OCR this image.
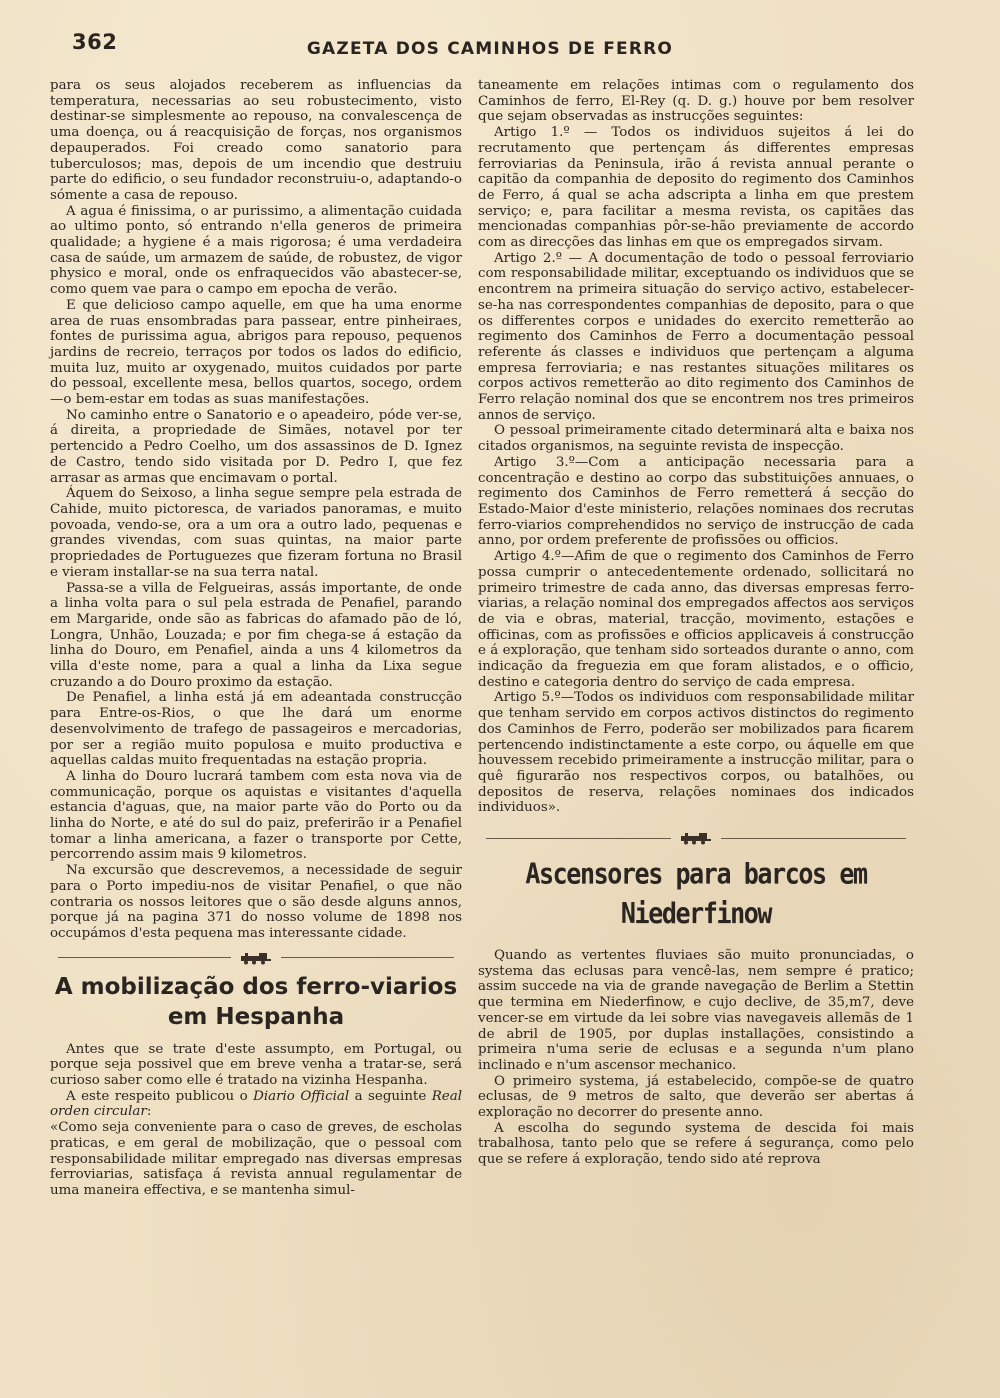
362	GAZETA DOS CAMINHOS DE FERRO

para os seus alojados receberem as influencias da temperatura, necessarias ao seu robustecimento, visto destinar-se simplesmente ao repouso, na convalescença de uma doença, ou á reacquisição de forças, nos organismos depauperados. Foi creado como sanatorio para tuberculosos; mas, depois de um incendio que destruiu parte do edificio, o seu fundador reconstruiu-o, adaptando-o sómente a casa de repouso.

A agua é finissima, o ar purissimo, a alimentação cuidada ao ultimo ponto, só entrando n'ella generos de primeira qualidade; a hygiene é a mais rigorosa; é uma verdadeira casa de saúde, um armazem de saúde, de robustez, de vigor physico e moral, onde os enfraquecidos vão abastecer-se, como quem vae para o campo em epocha de verão.

E que delicioso campo aquelle, em que ha uma enorme area de ruas ensombradas para passear, entre pinheiraes, fontes de purissima agua, abrigos para repouso, pequenos jardins de recreio, terraços por todos os lados do edificio, muita luz, muito ar oxygenado, muitos cuidados por parte do pessoal, excellente mesa, bellos quartos, socego, ordem—o bem-estar em todas as suas manifestações.

No caminho entre o Sanatorio e o apeadeiro, póde ver-se, á direita, a propriedade de Simães, notavel por ter pertencido a Pedro Coelho, um dos assassinos de D. Ignez de Castro, tendo sido visitada por D. Pedro I, que fez arrasar as armas que encimavam o portal.

Áquem do Seixoso, a linha segue sempre pela estrada de Cahide, muito pictoresca, de variados panoramas, e muito povoada, vendo-se, ora a um ora a outro lado, pequenas e grandes vivendas, com suas quintas, na maior parte propriedades de Portuguezes que fizeram fortuna no Brasil e vieram installar-se na sua terra natal.

Passa-se a villa de Felgueiras, assás importante, de onde a linha volta para o sul pela estrada de Penafiel, parando em Margaride, onde são as fabricas do afamado pão de ló, Longra, Unhão, Louzada; e por fim chega-se á estação da linha do Douro, em Penafiel, ainda a uns 4 kilometros da villa d'este nome, para a qual a linha da Lixa segue cruzando a do Douro proximo da estação.

De Penafiel, a linha está já em adeantada construcção para Entre-os-Rios, o que lhe dará um enorme desenvolvimento de trafego de passageiros e mercadorias, por ser a região muito populosa e muito productiva e aquellas caldas muito frequentadas na estação propria.

A linha do Douro lucrará tambem com esta nova via de communicação, porque os aquistas e visitantes d'aquella estancia d'aguas, que, na maior parte vão do Porto ou da linha do Norte, e até do sul do paiz, preferirão ir a Penafiel tomar a linha americana, a fazer o transporte por Cette, percorrendo assim mais 9 kilometros.

Na excursão que descrevemos, a necessidade de seguir para o Porto impediu-nos de visitar Penafiel, o que não contraria os nossos leitores que o são desde alguns annos, porque já na pagina 371 do nosso volume de 1898 nos occupámos d'esta pequena mas interessante cidade.

A mobilização dos ferro-viarios
em Hespanha

Antes que se trate d'este assumpto, em Portugal, ou porque seja possivel que em breve venha a tratar-se, será curioso saber como elle é tratado na vizinha Hespanha.

A este respeito publicou o Diario Official a seguinte Real orden circular:

«Como seja conveniente para o caso de greves, de escholas praticas, e em geral de mobilização, que o pessoal com responsabilidade militar empregado nas diversas empresas ferroviarias, satisfaça á revista annual regulamentar de uma maneira effectiva, e se mantenha simul-

taneamente em relações intimas com o regulamento dos Caminhos de ferro, El-Rey (q. D. g.) houve por bem resolver que sejam observadas as instrucções seguintes:

Artigo 1.º — Todos os individuos sujeitos á lei do recrutamento que pertençam ás differentes empresas ferroviarias da Peninsula, irão á revista annual perante o capitão da companhia de deposito do regimento dos Caminhos de Ferro, á qual se acha adscripta a linha em que prestem serviço; e, para facilitar a mesma revista, os capitães das mencionadas companhias pôr-se-hão previamente de accordo com as direcções das linhas em que os empregados sirvam.

Artigo 2.º — A documentação de todo o pessoal ferroviario com responsabilidade militar, exceptuando os individuos que se encontrem na primeira situação do serviço activo, estabelecer-se-ha nas correspondentes companhias de deposito, para o que os differentes corpos e unidades do exercito remetterão ao regimento dos Caminhos de Ferro a documentação pessoal referente ás classes e individuos que pertençam a alguma empresa ferroviaria; e nas restantes situações militares os corpos activos remetterão ao dito regimento dos Caminhos de Ferro relação nominal dos que se encontrem nos tres primeiros annos de serviço.

O pessoal primeiramente citado determinará alta e baixa nos citados organismos, na seguinte revista de inspecção.

Artigo 3.º—Com a anticipação necessaria para a concentração e destino ao corpo das substituições annuaes, o regimento dos Caminhos de Ferro remetterá á secção do Estado-Maior d'este ministerio, relações nominaes dos recrutas ferro-viarios comprehendidos no serviço de instrucção de cada anno, por ordem preferente de profissões ou officios.

Artigo 4.º—Afim de que o regimento dos Caminhos de Ferro possa cumprir o antecedentemente ordenado, sollicitará no primeiro trimestre de cada anno, das diversas empresas ferro-viarias, a relação nominal dos empregados affectos aos serviços de via e obras, material, tracção, movimento, estações e officinas, com as profissões e officios applicaveis á construcção e á exploração, que tenham sido sorteados durante o anno, com indicação da freguezia em que foram alistados, e o officio, destino e categoria dentro do serviço de cada empresa.

Artigo 5.º—Todos os individuos com responsabilidade militar que tenham servido em corpos activos distinctos do regimento dos Caminhos de Ferro, poderão ser mobilizados para ficarem pertencendo indistinctamente a este corpo, ou áquelle em que houvessem recebido primeiramente a instrucção militar, para o quê figurarão nos respectivos corpos, ou batalhões, ou depositos de reserva, relações nominaes dos indicados individuos».

Ascensores para barcos em Niederfinow

Quando as vertentes fluviaes são muito pronunciadas, o systema das eclusas para vencê-las, nem sempre é pratico; assim succede na via de grande navegação de Berlim a Stettin que termina em Niederfinow, e cujo declive, de 35,m7, deve vencer-se em virtude da lei sobre vias navegaveis allemãs de 1 de abril de 1905, por duplas installações, consistindo a primeira n'uma serie de eclusas e a segunda n'um plano inclinado e n'um ascensor mechanico.

O primeiro systema, já estabelecido, compõe-se de quatro eclusas, de 9 metros de salto, que deverão ser abertas á exploração no decorrer do presente anno.

A escolha do segundo systema de descida foi mais trabalhosa, tanto pelo que se refere á segurança, como pelo que se refere á exploração, tendo sido até reprova
